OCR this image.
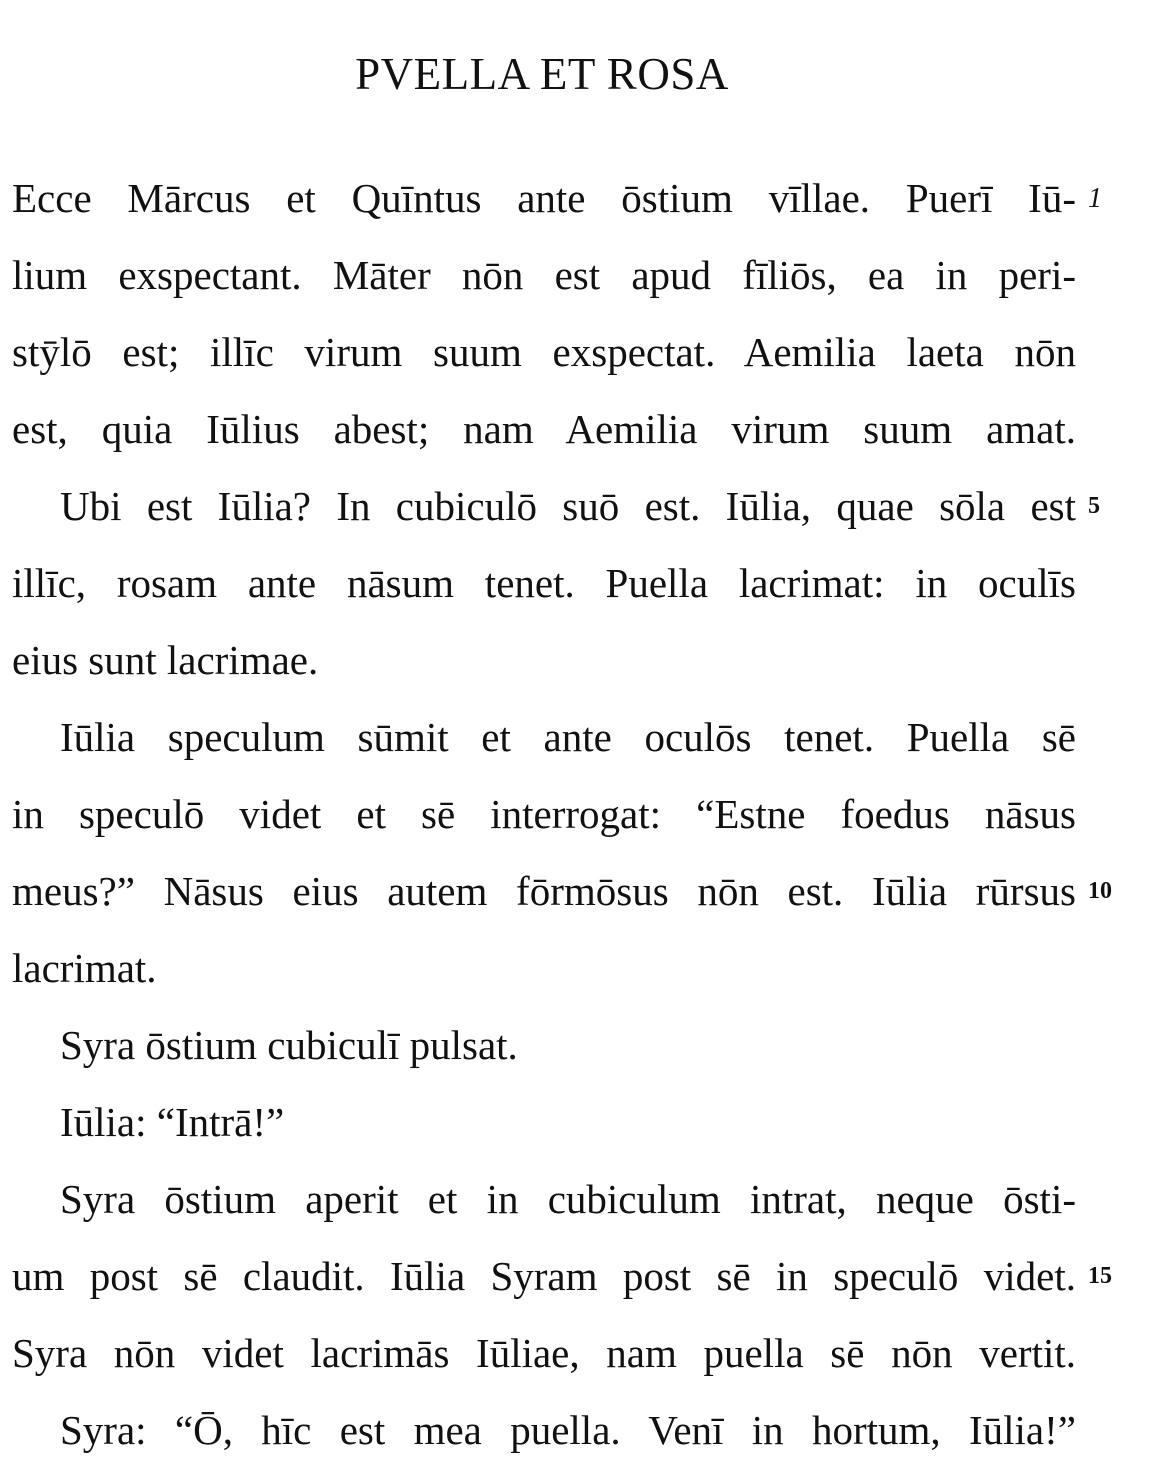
PVELLA ET ROSA
Ecce Mārcus et Quīntus ante ōstium vīllae. Puerī Iū- 1
lium exspectant. Māter nōn est apud fīliōs, ea in peri-
stȳlō est; illīc virum suum exspectat. Aemilia laeta nōn
est, quia Iūlius abest; nam Aemilia virum suum amat.
Ubi est Iūlia? In cubiculō suō est. Iūlia, quae sōla est 5
illīc, rosam ante nāsum tenet. Puella lacrimat: in oculīs
eius sunt lacrimae.
Iūlia speculum sūmit et ante oculōs tenet. Puella sē
in speculō videt et sē interrogat: “Estne foedus nāsus
meus?” Nāsus eius autem fōrmōsus nōn est. Iūlia rūrsus 10
lacrimat.
Syra ōstium cubiculī pulsat.
Iūlia: “Intrā!”
Syra ōstium aperit et in cubiculum intrat, neque ōsti-
um post sē claudit. Iūlia Syram post sē in speculō videt. 15
Syra nōn videt lacrimās Iūliae, nam puella sē nōn vertit.
Syra: “Ō, hīc est mea puella. Venī in hortum, Iūlia!”
